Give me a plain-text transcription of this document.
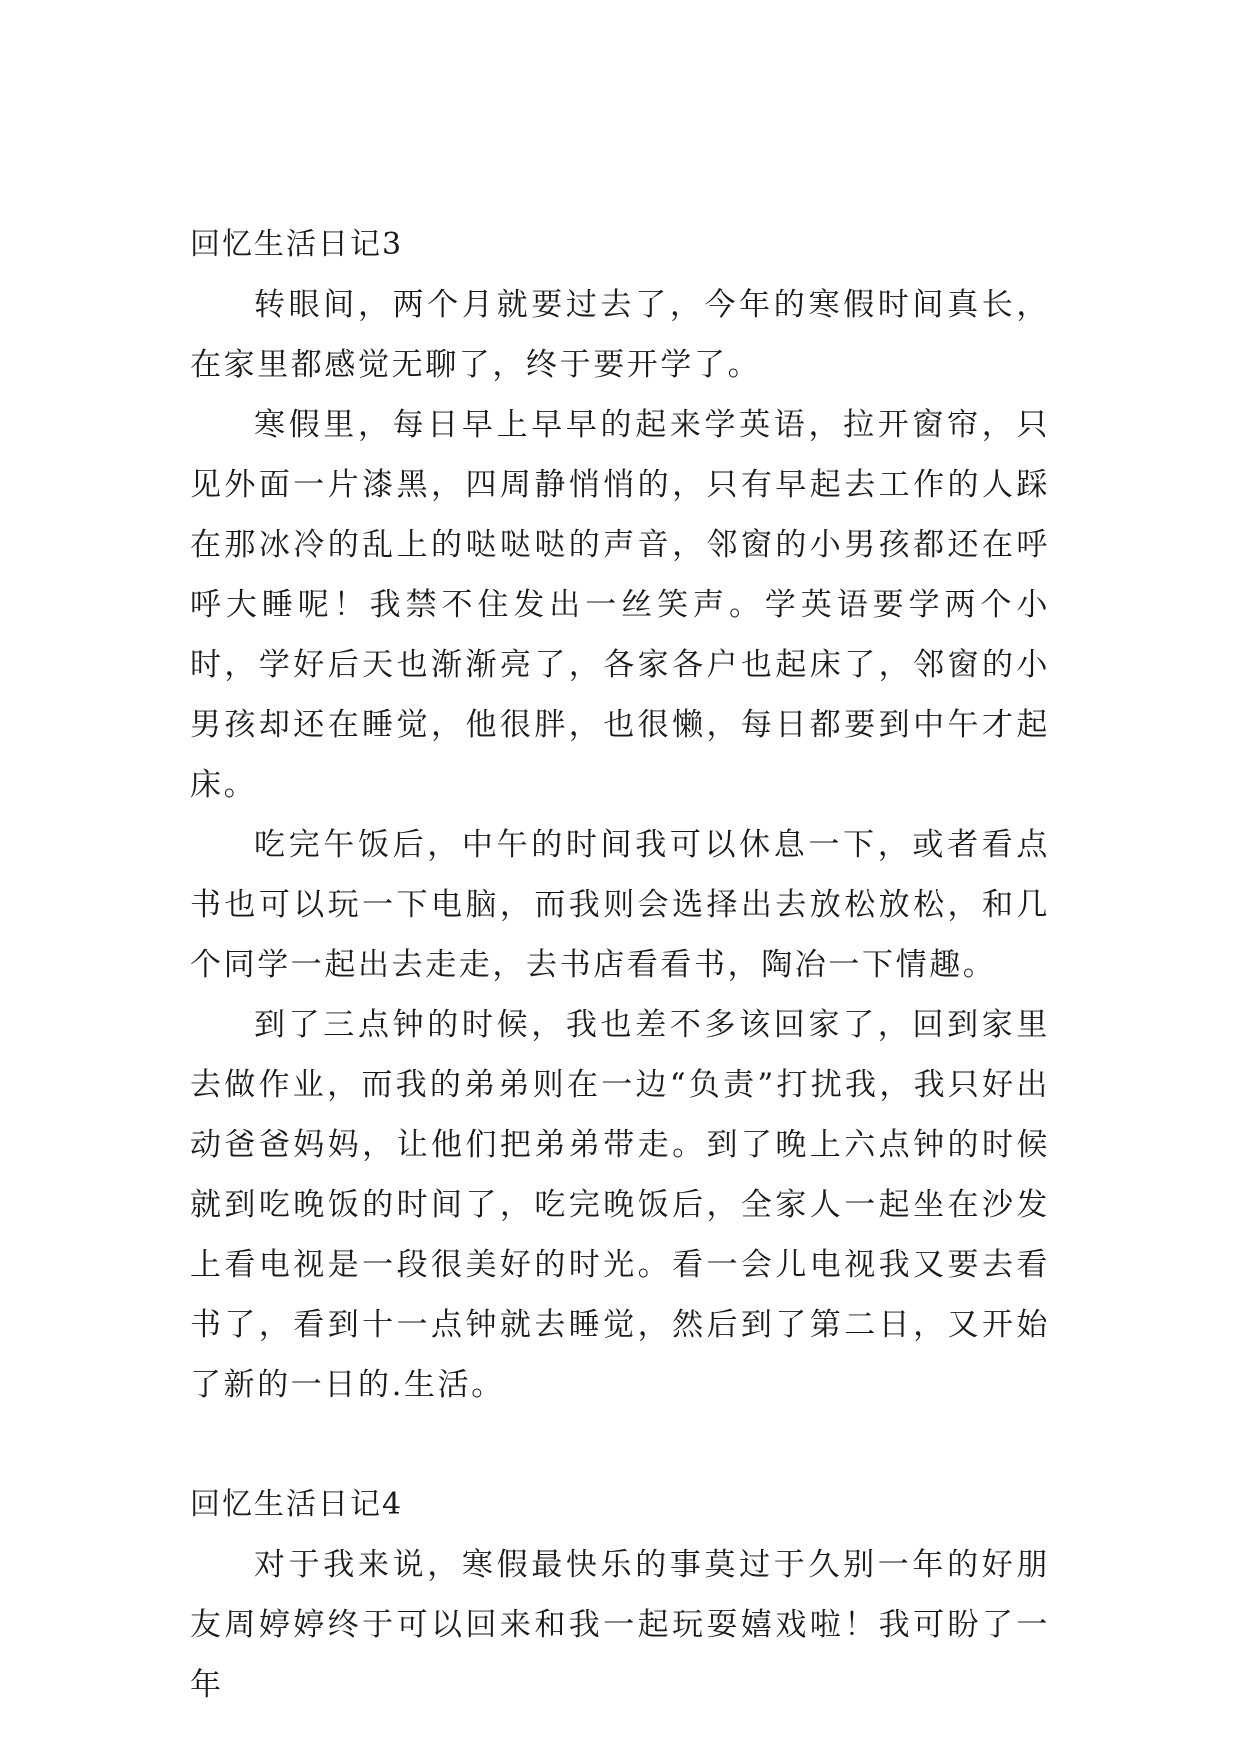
回忆生活日记3

转眼间，两个月就要过去了，今年的寒假时间真长，在家里都感觉无聊了，终于要开学了。

寒假里，每日早上早早的起来学英语，拉开窗帘，只见外面一片漆黑，四周静悄悄的，只有早起去工作的人踩在那冰冷的乱上的哒哒哒的声音，邻窗的小男孩都还在呼呼大睡呢！我禁不住发出一丝笑声。学英语要学两个小时，学好后天也渐渐亮了，各家各户也起床了，邻窗的小男孩却还在睡觉，他很胖，也很懒，每日都要到中午才起床。

吃完午饭后，中午的时间我可以休息一下，或者看点书也可以玩一下电脑，而我则会选择出去放松放松，和几个同学一起出去走走，去书店看看书，陶冶一下情趣。

到了三点钟的时候，我也差不多该回家了，回到家里去做作业，而我的弟弟则在一边“负责”打扰我，我只好出动爸爸妈妈，让他们把弟弟带走。到了晚上六点钟的时候就到吃晚饭的时间了，吃完晚饭后，全家人一起坐在沙发上看电视是一段很美好的时光。看一会儿电视我又要去看书了，看到十一点钟就去睡觉，然后到了第二日，又开始了新的一日的.生活。

回忆生活日记4

对于我来说，寒假最快乐的事莫过于久别一年的好朋友周婷婷终于可以回来和我一起玩耍嬉戏啦！我可盼了一年
